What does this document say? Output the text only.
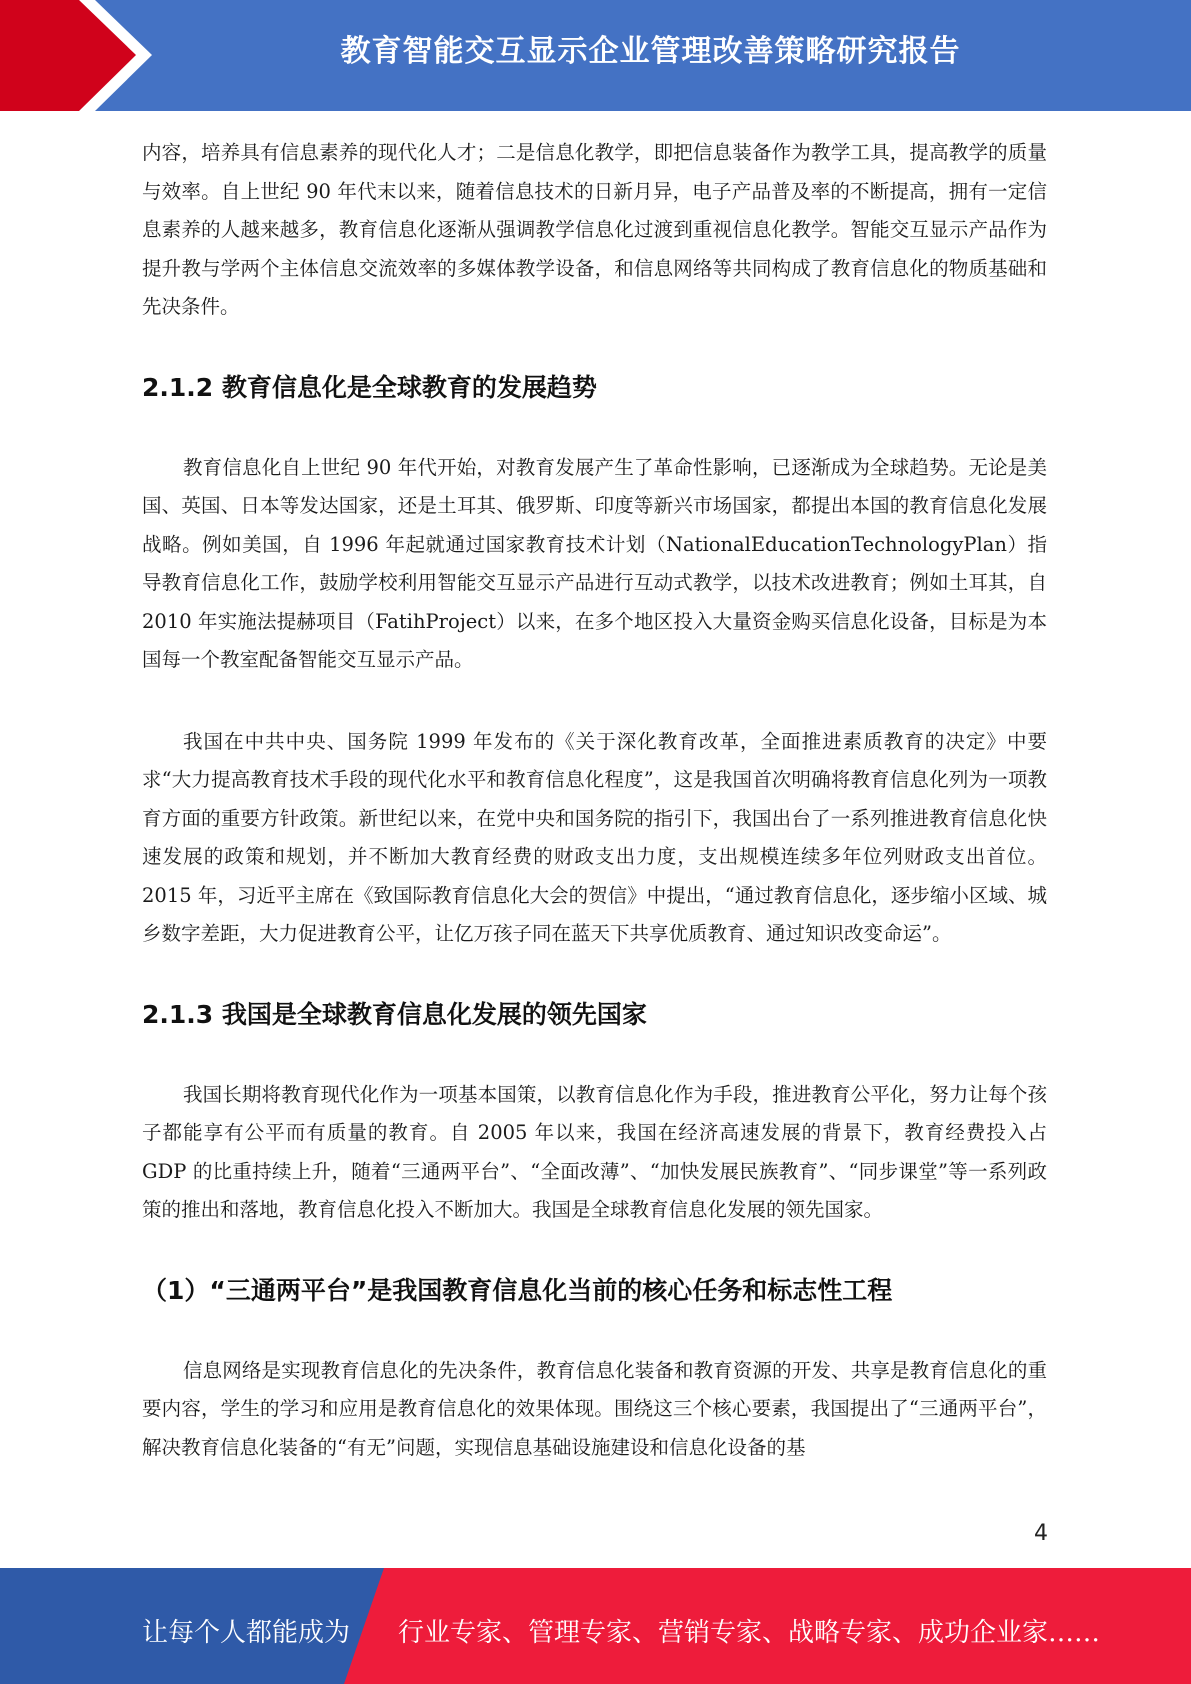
教育智能交互显示企业管理改善策略研究报告

内容，培养具有信息素养的现代化人才；二是信息化教学，即把信息装备作为教学工具，提高教学的质量与效率。自上世纪 90 年代末以来，随着信息技术的日新月异，电子产品普及率的不断提高，拥有一定信息素养的人越来越多，教育信息化逐渐从强调教学信息化过渡到重视信息化教学。智能交互显示产品作为提升教与学两个主体信息交流效率的多媒体教学设备，和信息网络等共同构成了教育信息化的物质基础和先决条件。

2.1.2 教育信息化是全球教育的发展趋势

教育信息化自上世纪 90 年代开始，对教育发展产生了革命性影响，已逐渐成为全球趋势。无论是美国、英国、日本等发达国家，还是土耳其、俄罗斯、印度等新兴市场国家，都提出本国的教育信息化发展战略。例如美国，自 1996 年起就通过国家教育技术计划（NationalEducationTechnologyPlan）指导教育信息化工作，鼓励学校利用智能交互显示产品进行互动式教学，以技术改进教育；例如土耳其，自 2010 年实施法提赫项目（FatihProject）以来，在多个地区投入大量资金购买信息化设备，目标是为本国每一个教室配备智能交互显示产品。

我国在中共中央、国务院 1999 年发布的《关于深化教育改革，全面推进素质教育的决定》中要求“大力提高教育技术手段的现代化水平和教育信息化程度”，这是我国首次明确将教育信息化列为一项教育方面的重要方针政策。新世纪以来，在党中央和国务院的指引下，我国出台了一系列推进教育信息化快速发展的政策和规划，并不断加大教育经费的财政支出力度，支出规模连续多年位列财政支出首位。2015 年，习近平主席在《致国际教育信息化大会的贺信》中提出，“通过教育信息化，逐步缩小区域、城乡数字差距，大力促进教育公平，让亿万孩子同在蓝天下共享优质教育、通过知识改变命运”。

2.1.3 我国是全球教育信息化发展的领先国家

我国长期将教育现代化作为一项基本国策，以教育信息化作为手段，推进教育公平化，努力让每个孩子都能享有公平而有质量的教育。自 2005 年以来，我国在经济高速发展的背景下，教育经费投入占 GDP 的比重持续上升，随着“三通两平台”、“全面改薄”、“加快发展民族教育”、“同步课堂”等一系列政策的推出和落地，教育信息化投入不断加大。我国是全球教育信息化发展的领先国家。

（1）“三通两平台”是我国教育信息化当前的核心任务和标志性工程

信息网络是实现教育信息化的先决条件，教育信息化装备和教育资源的开发、共享是教育信息化的重要内容，学生的学习和应用是教育信息化的效果体现。围绕这三个核心要素，我国提出了“三通两平台”，解决教育信息化装备的“有无”问题，实现信息基础设施建设和信息化设备的基

4
让每个人都能成为 行业专家、管理专家、营销专家、战略专家、成功企业家……
